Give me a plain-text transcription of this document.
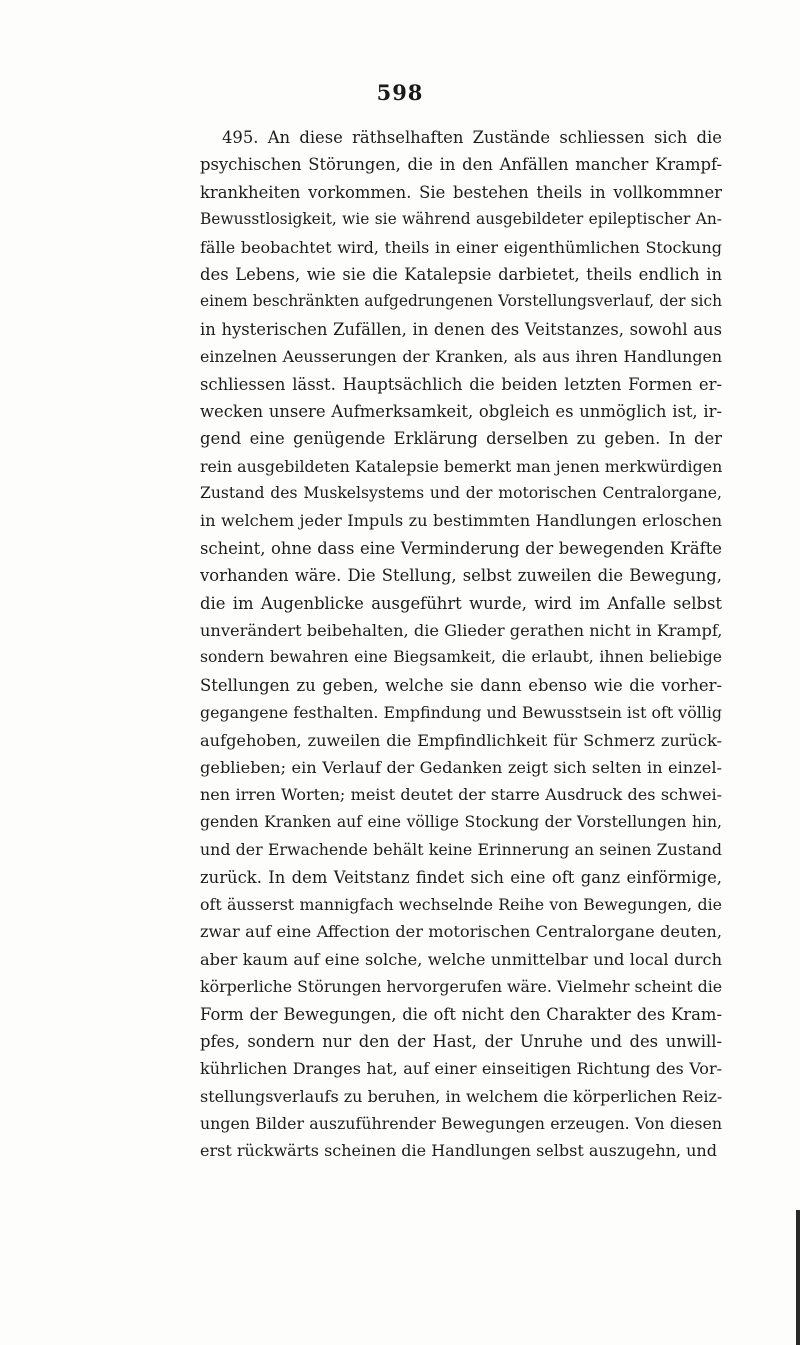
598
495. An diese räthselhaften Zustände schliessen sich die
psychischen Störungen, die in den Anfällen mancher Krampf-
krankheiten vorkommen. Sie bestehen theils in vollkommner
Bewusstlosigkeit, wie sie während ausgebildeter epileptischer An-
fälle beobachtet wird, theils in einer eigenthümlichen Stockung
des Lebens, wie sie die Katalepsie darbietet, theils endlich in
einem beschränkten aufgedrungenen Vorstellungsverlauf, der sich
in hysterischen Zufällen, in denen des Veitstanzes, sowohl aus
einzelnen Aeusserungen der Kranken, als aus ihren Handlungen
schliessen lässt. Hauptsächlich die beiden letzten Formen er-
wecken unsere Aufmerksamkeit, obgleich es unmöglich ist, ir-
gend eine genügende Erklärung derselben zu geben. In der
rein ausgebildeten Katalepsie bemerkt man jenen merkwürdigen
Zustand des Muskelsystems und der motorischen Centralorgane,
in welchem jeder Impuls zu bestimmten Handlungen erloschen
scheint, ohne dass eine Verminderung der bewegenden Kräfte
vorhanden wäre. Die Stellung, selbst zuweilen die Bewegung,
die im Augenblicke ausgeführt wurde, wird im Anfalle selbst
unverändert beibehalten, die Glieder gerathen nicht in Krampf,
sondern bewahren eine Biegsamkeit, die erlaubt, ihnen beliebige
Stellungen zu geben, welche sie dann ebenso wie die vorher-
gegangene festhalten. Empfindung und Bewusstsein ist oft völlig
aufgehoben, zuweilen die Empfindlichkeit für Schmerz zurück-
geblieben; ein Verlauf der Gedanken zeigt sich selten in einzel-
nen irren Worten; meist deutet der starre Ausdruck des schwei-
genden Kranken auf eine völlige Stockung der Vorstellungen hin,
und der Erwachende behält keine Erinnerung an seinen Zustand
zurück. In dem Veitstanz findet sich eine oft ganz einförmige,
oft äusserst mannigfach wechselnde Reihe von Bewegungen, die
zwar auf eine Affection der motorischen Centralorgane deuten,
aber kaum auf eine solche, welche unmittelbar und local durch
körperliche Störungen hervorgerufen wäre. Vielmehr scheint die
Form der Bewegungen, die oft nicht den Charakter des Kram-
pfes, sondern nur den der Hast, der Unruhe und des unwill-
kührlichen Dranges hat, auf einer einseitigen Richtung des Vor-
stellungsverlaufs zu beruhen, in welchem die körperlichen Reiz-
ungen Bilder auszuführender Bewegungen erzeugen. Von diesen
erst rückwärts scheinen die Handlungen selbst auszugehn, und
